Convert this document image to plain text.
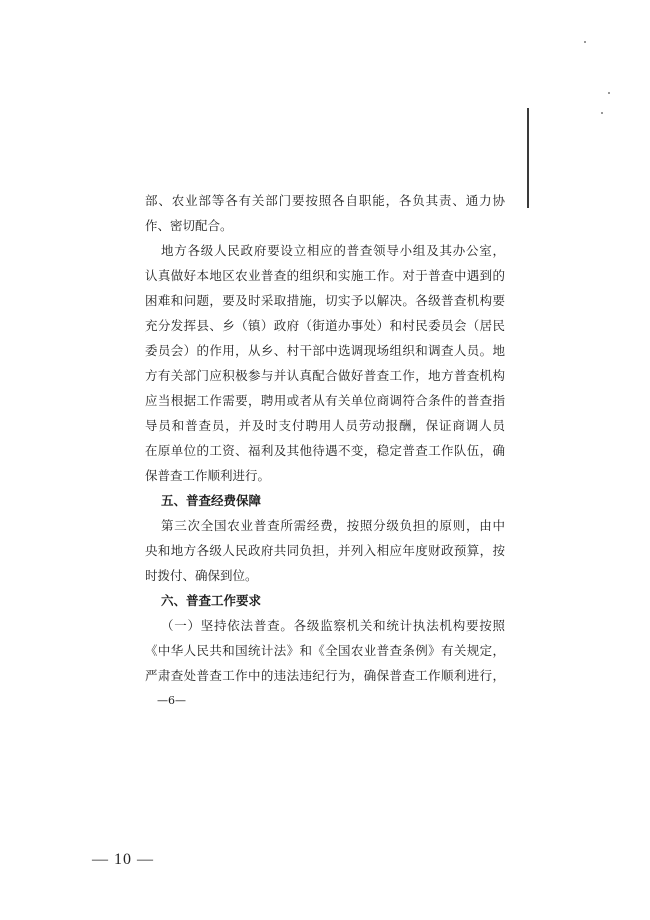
部、农业部等各有关部门要按照各自职能，各负其责、通力协
作、密切配合。
地方各级人民政府要设立相应的普查领导小组及其办公室，
认真做好本地区农业普查的组织和实施工作。对于普查中遇到的
困难和问题，要及时采取措施，切实予以解决。各级普查机构要
充分发挥县、乡（镇）政府（街道办事处）和村民委员会（居民
委员会）的作用，从乡、村干部中选调现场组织和调查人员。地
方有关部门应积极参与并认真配合做好普查工作，地方普查机构
应当根据工作需要，聘用或者从有关单位商调符合条件的普查指
导员和普查员，并及时支付聘用人员劳动报酬，保证商调人员
在原单位的工资、福利及其他待遇不变，稳定普查工作队伍，确
保普查工作顺利进行。
五、普查经费保障
第三次全国农业普查所需经费，按照分级负担的原则，由中
央和地方各级人民政府共同负担，并列入相应年度财政预算，按
时拨付、确保到位。
六、普查工作要求
（一）坚持依法普查。各级监察机关和统计执法机构要按照
《中华人民共和国统计法》和《全国农业普查条例》有关规定，
严肃查处普查工作中的违法违纪行为，确保普查工作顺利进行，
—6—
— 10 —
